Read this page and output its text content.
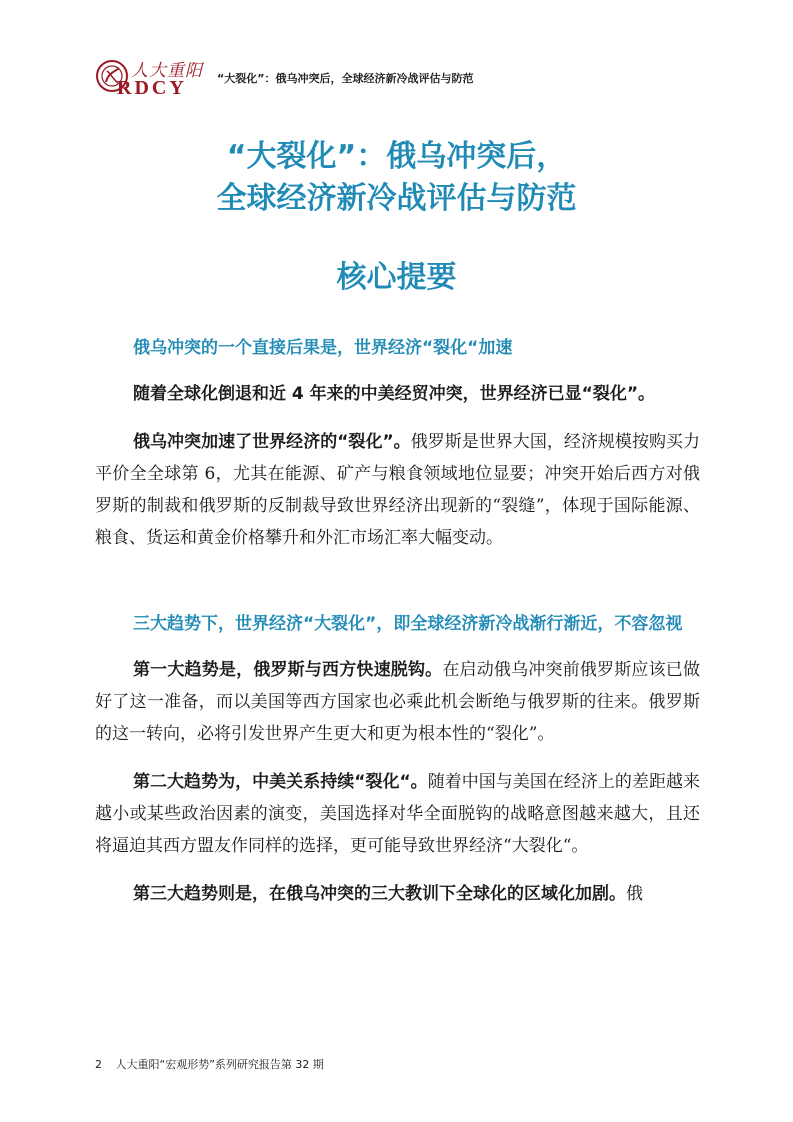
人大重阳
RDCY	“大裂化”：俄乌冲突后，全球经济新冷战评估与防范
“大裂化”：俄乌冲突后，
全球经济新冷战评估与防范
核心提要

俄乌冲突的一个直接后果是，世界经济“裂化“加速

随着全球化倒退和近 4 年来的中美经贸冲突，世界经济已显“裂化”。

俄乌冲突加速了世界经济的“裂化”。俄罗斯是世界大国，经济规模按购买力平价全全球第 6，尤其在能源、矿产与粮食领域地位显要；冲突开始后西方对俄罗斯的制裁和俄罗斯的反制裁导致世界经济出现新的“裂缝”，体现于国际能源、粮食、货运和黄金价格攀升和外汇市场汇率大幅变动。

三大趋势下，世界经济“大裂化”，即全球经济新冷战渐行渐近，不容忽视

第一大趋势是，俄罗斯与西方快速脱钩。在启动俄乌冲突前俄罗斯应该已做好了这一准备，而以美国等西方国家也必乘此机会断绝与俄罗斯的往来。俄罗斯的这一转向，必将引发世界产生更大和更为根本性的“裂化”。

第二大趋势为，中美关系持续“裂化“。随着中国与美国在经济上的差距越来越小或某些政治因素的演变，美国选择对华全面脱钩的战略意图越来越大，且还将逼迫其西方盟友作同样的选择，更可能导致世界经济“大裂化“。

第三大趋势则是，在俄乌冲突的三大教训下全球化的区域化加剧。俄

2 人大重阳“宏观形势”系列研究报告第 32 期
